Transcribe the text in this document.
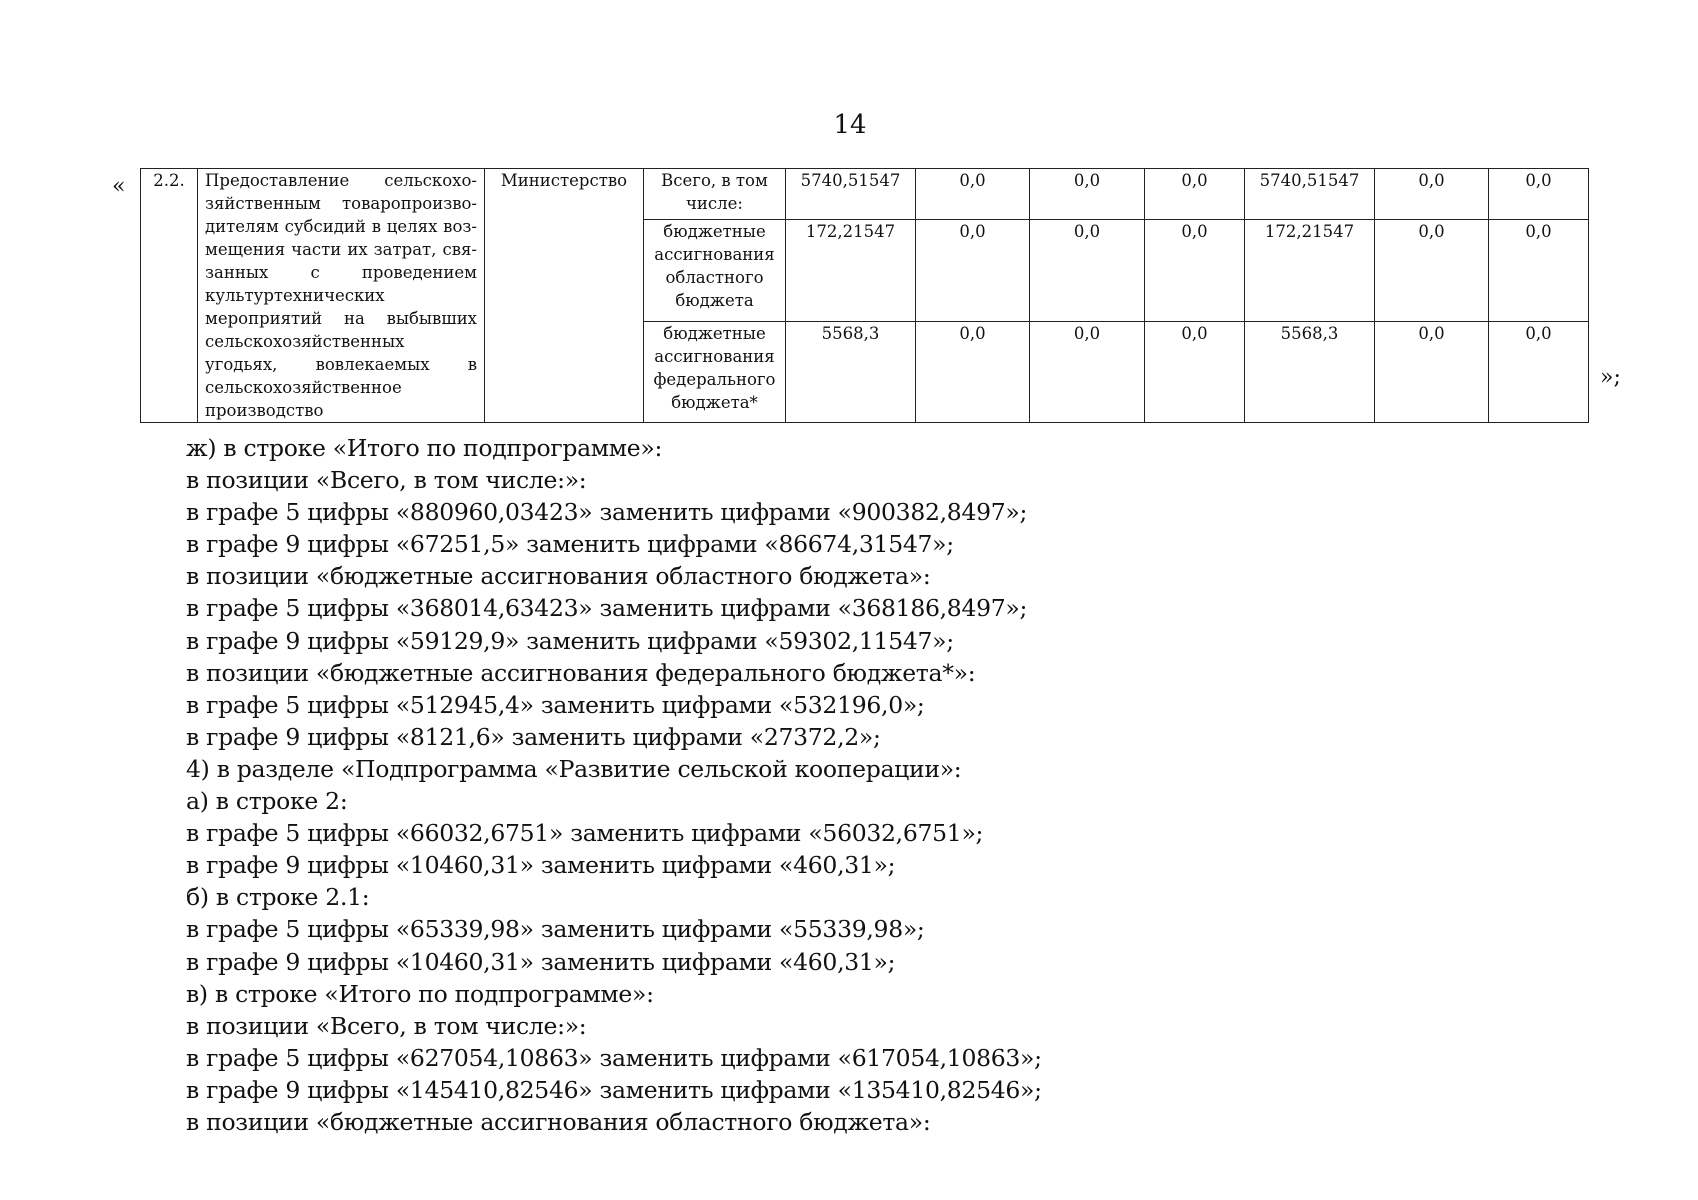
14
«
»;
2.2.	Предоставление сельскохозяйственным товаропроизводителям субсидий в целях возмещения части их затрат, связанных с проведением культуртехнических мероприятий на выбывших сельскохозяйственных угодьях, вовлекаемых в сельскохозяйственное производство	Министерство	Всего, в том числе:	5740,51547	0,0	0,0	0,0	5740,51547	0,0	0,0
			бюджетные ассигнования областного бюджета	172,21547	0,0	0,0	0,0	172,21547	0,0	0,0
			бюджетные ассигнования федерального бюджета*	5568,3	0,0	0,0	0,0	5568,3	0,0	0,0
ж) в строке «Итого по подпрограмме»:
в позиции «Всего, в том числе:»:
в графе 5 цифры «880960,03423» заменить цифрами «900382,8497»;
в графе 9 цифры «67251,5» заменить цифрами «86674,31547»;
в позиции «бюджетные ассигнования областного бюджета»:
в графе 5 цифры «368014,63423» заменить цифрами «368186,8497»;
в графе 9 цифры «59129,9» заменить цифрами «59302,11547»;
в позиции «бюджетные ассигнования федерального бюджета*»:
в графе 5 цифры «512945,4» заменить цифрами «532196,0»;
в графе 9 цифры «8121,6» заменить цифрами «27372,2»;
4) в разделе «Подпрограмма «Развитие сельской кооперации»:
а) в строке 2:
в графе 5 цифры «66032,6751» заменить цифрами «56032,6751»;
в графе 9 цифры «10460,31» заменить цифрами «460,31»;
б) в строке 2.1:
в графе 5 цифры «65339,98» заменить цифрами «55339,98»;
в графе 9 цифры «10460,31» заменить цифрами «460,31»;
в) в строке «Итого по подпрограмме»:
в позиции «Всего, в том числе:»:
в графе 5 цифры «627054,10863» заменить цифрами «617054,10863»;
в графе 9 цифры «145410,82546» заменить цифрами «135410,82546»;
в позиции «бюджетные ассигнования областного бюджета»:
